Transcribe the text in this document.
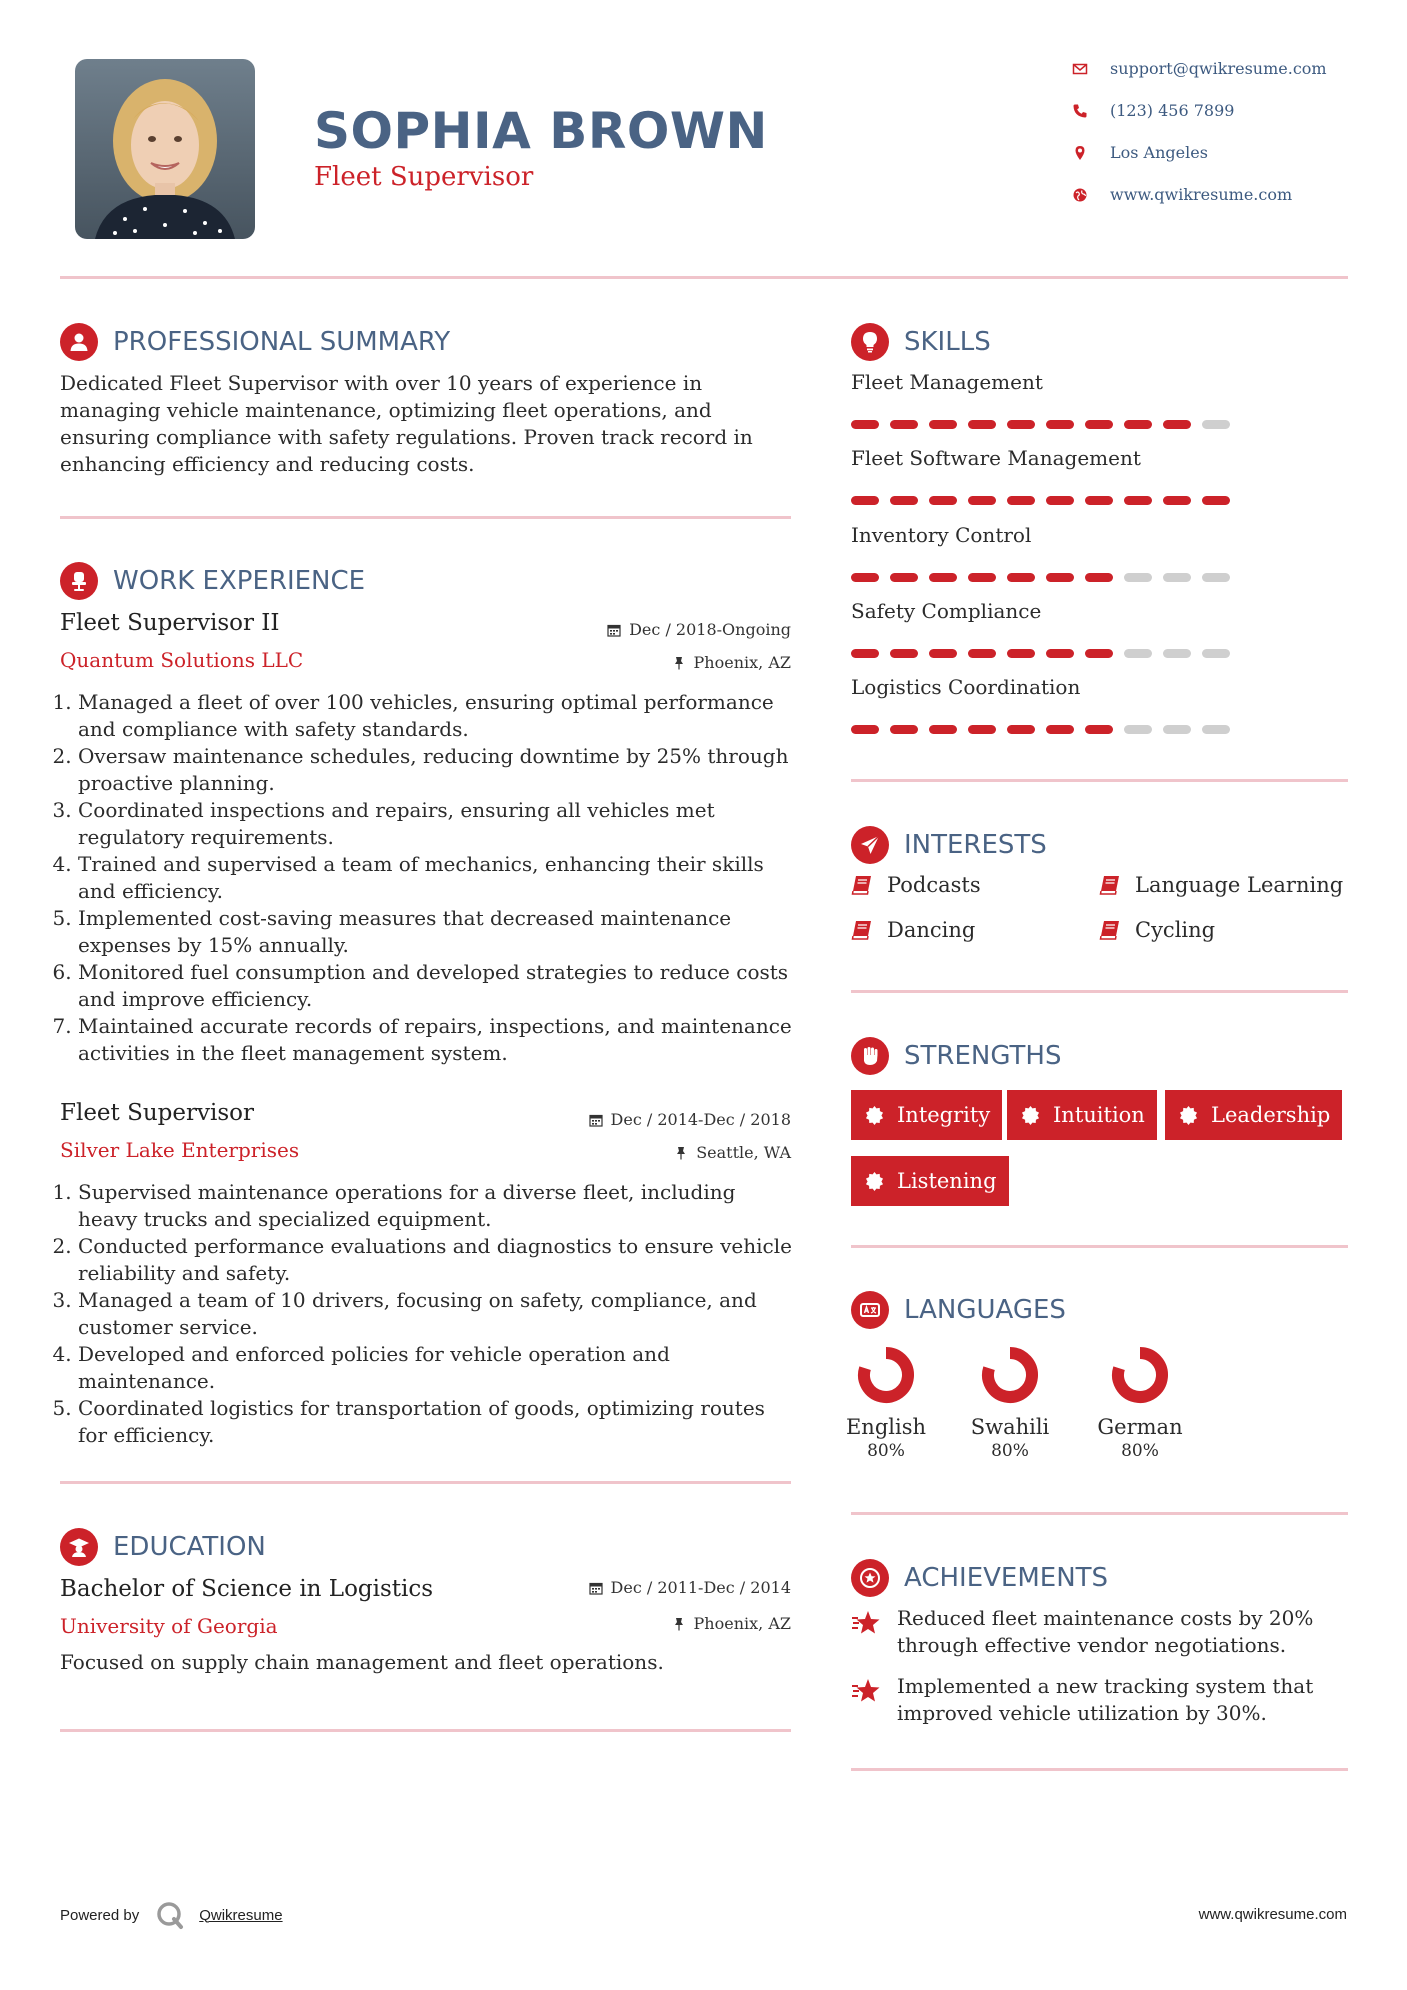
SOPHIA BROWN
Fleet Supervisor
support@qwikresume.com
(123) 456 7899
Los Angeles
www.qwikresume.com
PROFESSIONAL SUMMARY
Dedicated Fleet Supervisor with over 10 years of experience in managing vehicle maintenance, optimizing fleet operations, and ensuring compliance with safety regulations. Proven track record in enhancing efficiency and reducing costs.
WORK EXPERIENCE
Fleet Supervisor II	Dec / 2018-Ongoing
Quantum Solutions LLC	Phoenix, AZ
1. Managed a fleet of over 100 vehicles, ensuring optimal performance and compliance with safety standards.
2. Oversaw maintenance schedules, reducing downtime by 25% through proactive planning.
3. Coordinated inspections and repairs, ensuring all vehicles met regulatory requirements.
4. Trained and supervised a team of mechanics, enhancing their skills and efficiency.
5. Implemented cost-saving measures that decreased maintenance expenses by 15% annually.
6. Monitored fuel consumption and developed strategies to reduce costs and improve efficiency.
7. Maintained accurate records of repairs, inspections, and maintenance activities in the fleet management system.
Fleet Supervisor	Dec / 2014-Dec / 2018
Silver Lake Enterprises	Seattle, WA
1. Supervised maintenance operations for a diverse fleet, including heavy trucks and specialized equipment.
2. Conducted performance evaluations and diagnostics to ensure vehicle reliability and safety.
3. Managed a team of 10 drivers, focusing on safety, compliance, and customer service.
4. Developed and enforced policies for vehicle operation and maintenance.
5. Coordinated logistics for transportation of goods, optimizing routes for efficiency.
EDUCATION
Bachelor of Science in Logistics	Dec / 2011-Dec / 2014
University of Georgia	Phoenix, AZ
Focused on supply chain management and fleet operations.
SKILLS
Fleet Management
Fleet Software Management
Inventory Control
Safety Compliance
Logistics Coordination
INTERESTS
Podcasts	Language Learning
Dancing	Cycling
STRENGTHS
Integrity	Intuition	Leadership
Listening
LANGUAGES
English
80%
Swahili
80%
German
80%
ACHIEVEMENTS
Reduced fleet maintenance costs by 20% through effective vendor negotiations.
Implemented a new tracking system that improved vehicle utilization by 30%.
Powered by	Qwikresume	www.qwikresume.com
